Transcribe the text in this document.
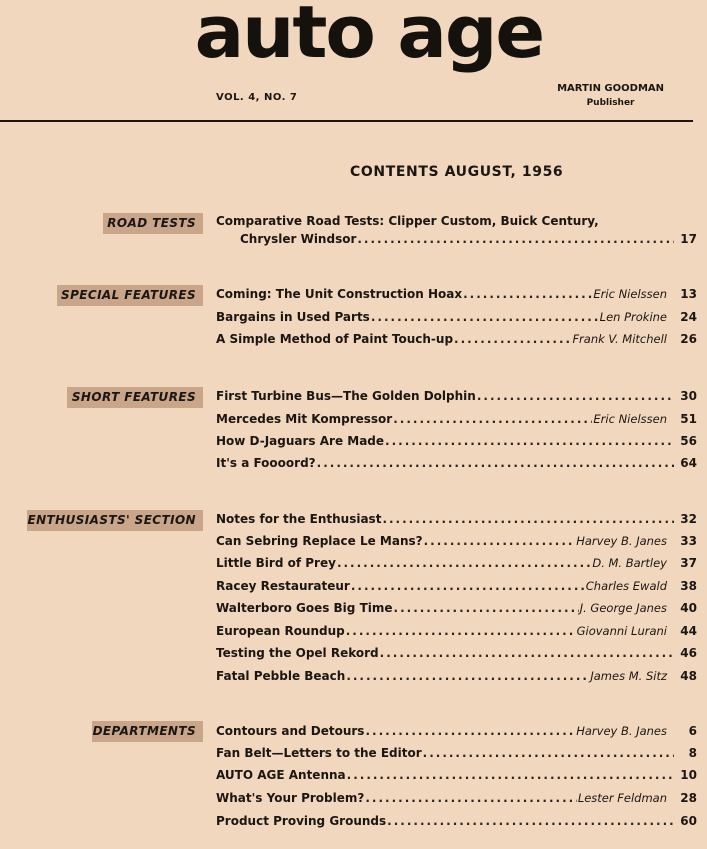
auto age
VOL. 4, NO. 7
MARTIN GOODMAN
Publisher
CONTENTS AUGUST, 1956
ROAD TESTS	Comparative Road Tests: Clipper Custom, Buick Century,
Chrysler Windsor .....	17
SPECIAL FEATURES	Coming: The Unit Construction Hoax .....	Eric Nielssen	13
Bargains in Used Parts .....	Len Prokine	24
A Simple Method of Paint Touch-up .....	Frank V. Mitchell	26
SHORT FEATURES	First Turbine Bus—The Golden Dolphin .....	30
Mercedes Mit Kompressor .....	Eric Nielssen	51
How D-Jaguars Are Made .....	56
It's a Foooord? .....	64
ENTHUSIASTS' SECTION	Notes for the Enthusiast .....	32
Can Sebring Replace Le Mans? .....	Harvey B. Janes	33
Little Bird of Prey .....	D. M. Bartley	37
Racey Restaurateur .....	Charles Ewald	38
Walterboro Goes Big Time .....	J. George Janes	40
European Roundup .....	Giovanni Lurani	44
Testing the Opel Rekord .....	46
Fatal Pebble Beach .....	James M. Sitz	48
DEPARTMENTS	Contours and Detours .....	Harvey B. Janes	6
Fan Belt—Letters to the Editor .....	8
AUTO AGE Antenna .....	10
What's Your Problem? .....	Lester Feldman	28
Product Proving Grounds .....	60
